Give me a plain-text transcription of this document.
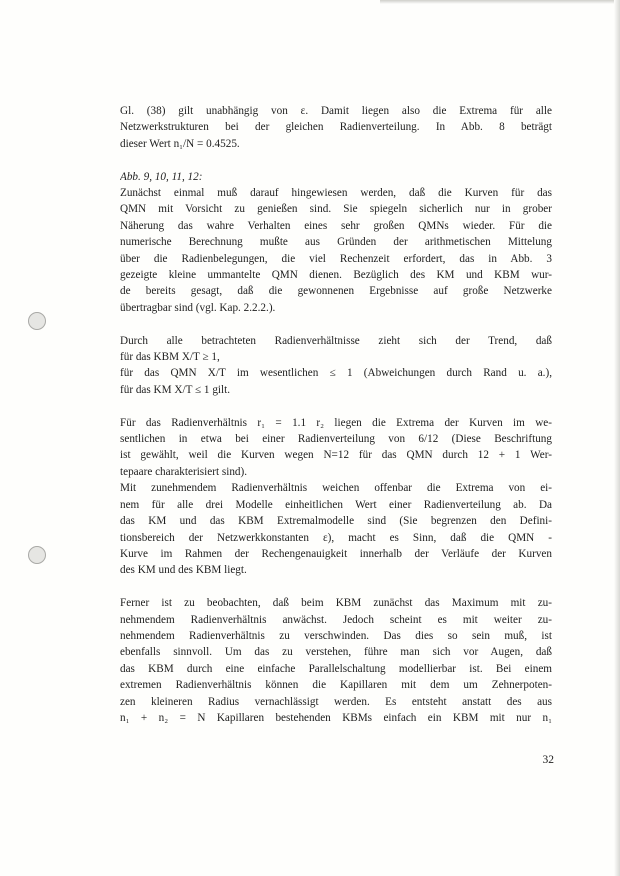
Gl. (38) gilt unabhängig von ε. Damit liegen also die Extrema für alle
Netzwerkstrukturen bei der gleichen Radienverteilung. In Abb. 8 beträgt
dieser Wert n₁/N = 0.4525.

Abb. 9, 10, 11, 12:
Zunächst einmal muß darauf hingewiesen werden, daß die Kurven für das
QMN mit Vorsicht zu genießen sind. Sie spiegeln sicherlich nur in grober
Näherung das wahre Verhalten eines sehr großen QMNs wieder. Für die
numerische Berechnung mußte aus Gründen der arithmetischen Mittelung
über die Radienbelegungen, die viel Rechenzeit erfordert, das in Abb. 3
gezeigte kleine ummantelte QMN dienen. Bezüglich des KM und KBM wur-
de bereits gesagt, daß die gewonnenen Ergebnisse auf große Netzwerke
übertragbar sind (vgl. Kap. 2.2.2.).

Durch alle betrachteten Radienverhältnisse zieht sich der Trend, daß
für das KBM X/T ≥ 1,
für das QMN X/T im wesentlichen ≤ 1 (Abweichungen durch Rand u. a.),
für das KM X/T ≤ 1 gilt.

Für das Radienverhältnis r₁ = 1.1 r₂ liegen die Extrema der Kurven im we-
sentlichen in etwa bei einer Radienverteilung von 6/12 (Diese Beschriftung
ist gewählt, weil die Kurven wegen N=12 für das QMN durch 12 + 1 Wer-
tepaare charakterisiert sind).
Mit zunehmendem Radienverhältnis weichen offenbar die Extrema von ei-
nem für alle drei Modelle einheitlichen Wert einer Radienverteilung ab. Da
das KM und das KBM Extremalmodelle sind (Sie begrenzen den Defini-
tionsbereich der Netzwerkkonstanten ε), macht es Sinn, daß die QMN -
Kurve im Rahmen der Rechengenauigkeit innerhalb der Verläufe der Kurven
des KM und des KBM liegt.

Ferner ist zu beobachten, daß beim KBM zunächst das Maximum mit zu-
nehmendem Radienverhältnis anwächst. Jedoch scheint es mit weiter zu-
nehmendem Radienverhältnis zu verschwinden. Das dies so sein muß, ist
ebenfalls sinnvoll. Um das zu verstehen, führe man sich vor Augen, daß
das KBM durch eine einfache Parallelschaltung modellierbar ist. Bei einem
extremen Radienverhältnis können die Kapillaren mit dem um Zehnerpoten-
zen kleineren Radius vernachlässigt werden. Es entsteht anstatt des aus
n₁ + n₂ = N Kapillaren bestehenden KBMs einfach ein KBM mit nur n₁

32
